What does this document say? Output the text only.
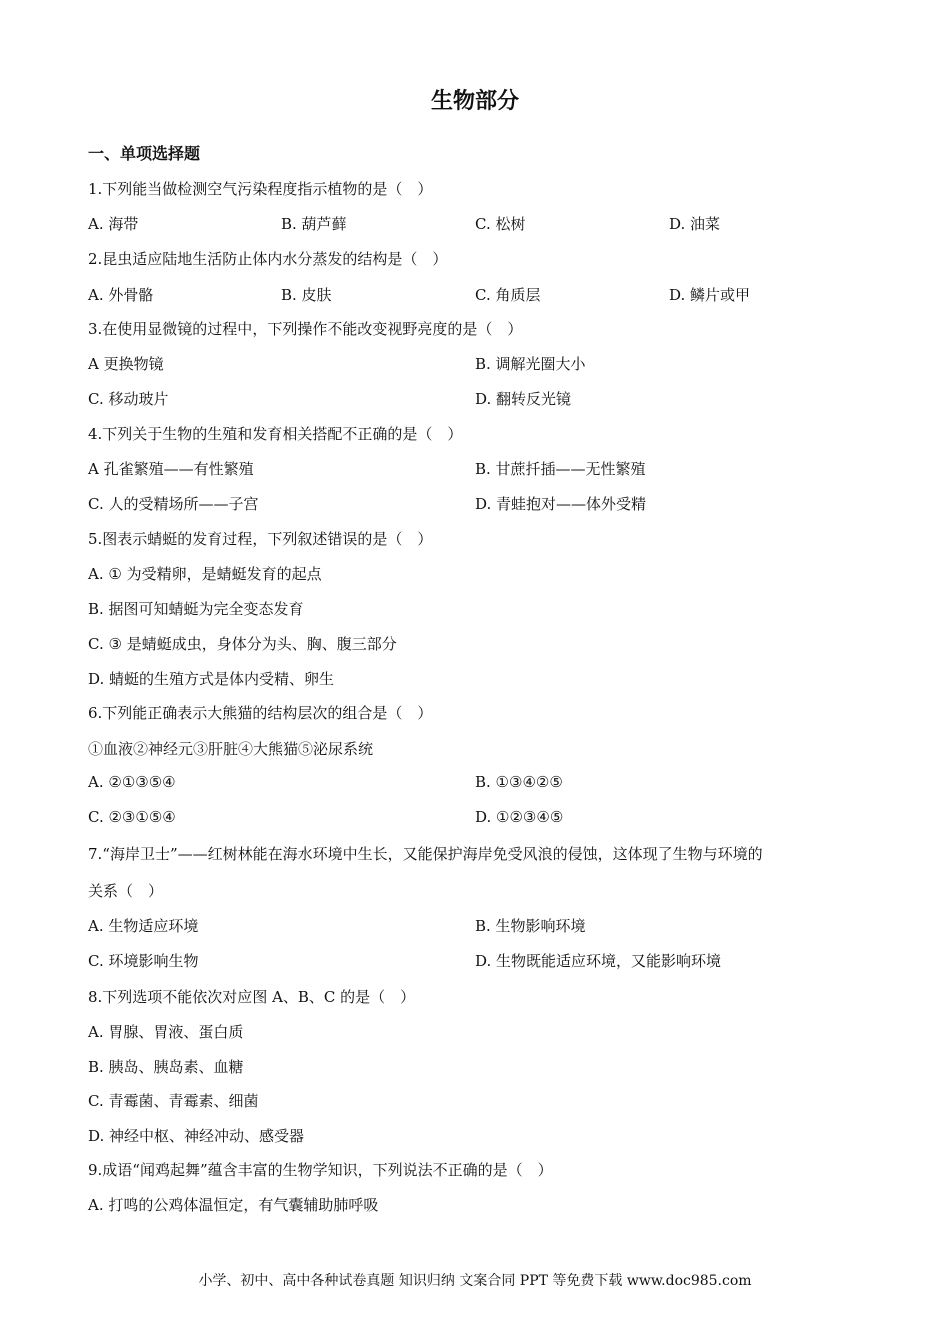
生物部分
一、单项选择题
1.下列能当做检测空气污染程度指示植物的是（　）
A. 海带	B. 葫芦藓	C. 松树	D. 油菜
2.昆虫适应陆地生活防止体内水分蒸发的结构是（　）
A. 外骨骼	B. 皮肤	C. 角质层	D. 鳞片或甲
3.在使用显微镜的过程中，下列操作不能改变视野亮度的是（　）
A 更换物镜	B. 调解光圈大小
C. 移动玻片	D. 翻转反光镜
4.下列关于生物的生殖和发育相关搭配不正确的是（　）
A 孔雀繁殖——有性繁殖	B. 甘蔗扦插——无性繁殖
C. 人的受精场所——子宫	D. 青蛙抱对——体外受精
5.图表示蜻蜓的发育过程，下列叙述错误的是（　）
A. ① 为受精卵，是蜻蜓发育的起点
B. 据图可知蜻蜓为完全变态发育
C. ③ 是蜻蜓成虫，身体分为头、胸、腹三部分
D. 蜻蜓的生殖方式是体内受精、卵生
6.下列能正确表示大熊猫的结构层次的组合是（　）
①血液②神经元③肝脏④大熊猫⑤泌尿系统
A. ②①③⑤④	B. ①③④②⑤
C. ②③①⑤④	D. ①②③④⑤
7.“海岸卫士”——红树林能在海水环境中生长，又能保护海岸免受风浪的侵蚀，这体现了生物与环境的
关系（　）
A. 生物适应环境	B. 生物影响环境
C. 环境影响生物	D. 生物既能适应环境，又能影响环境
8.下列选项不能依次对应图 A、B、C 的是（　）
A. 胃腺、胃液、蛋白质
B. 胰岛、胰岛素、血糖
C. 青霉菌、青霉素、细菌
D. 神经中枢、神经冲动、感受器
9.成语“闻鸡起舞”蕴含丰富的生物学知识，下列说法不正确的是（　）
A. 打鸣的公鸡体温恒定，有气囊辅助肺呼吸
小学、初中、高中各种试卷真题 知识归纳 文案合同 PPT 等免费下载 www.doc985.com
